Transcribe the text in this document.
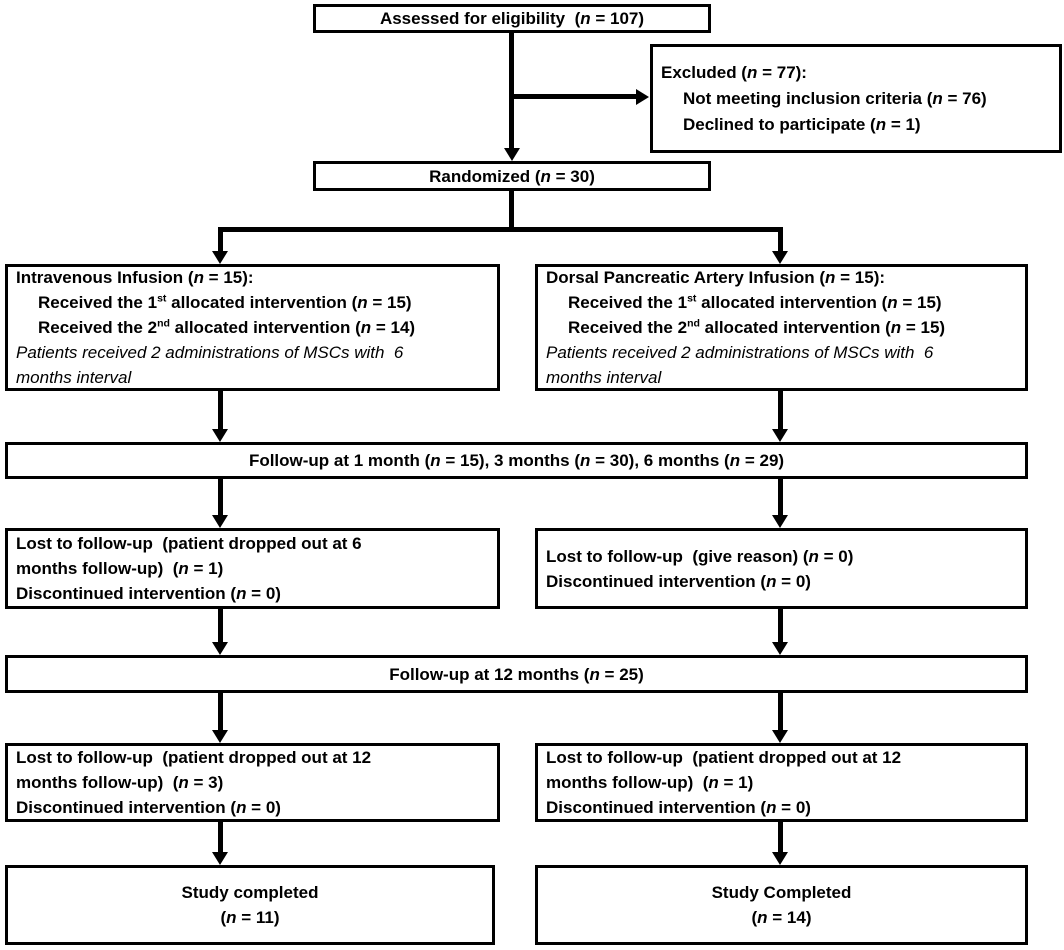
Assessed for eligibility  (n = 107)
Excluded (n = 77):
Not meeting inclusion criteria (n = 76)
Declined to participate (n = 1)
Randomized (n = 30)
Intravenous Infusion (n = 15):
Received the 1st allocated intervention (n = 15)
Received the 2nd allocated intervention (n = 14)
Patients received 2 administrations of MSCs with  6
months interval
Dorsal Pancreatic Artery Infusion (n = 15):
Received the 1st allocated intervention (n = 15)
Received the 2nd allocated intervention (n = 15)
Patients received 2 administrations of MSCs with  6
months interval
Follow-up at 1 month (n = 15), 3 months (n = 30), 6 months (n = 29)
Lost to follow-up  (patient dropped out at 6
months follow-up)  (n = 1)
Discontinued intervention (n = 0)
Lost to follow-up  (give reason) (n = 0)
Discontinued intervention (n = 0)
Follow-up at 12 months (n = 25)
Lost to follow-up  (patient dropped out at 12
months follow-up)  (n = 3)
Discontinued intervention (n = 0)
Lost to follow-up  (patient dropped out at 12
months follow-up)  (n = 1)
Discontinued intervention (n = 0)
Study completed
(n = 11)
Study Completed
(n = 14)
